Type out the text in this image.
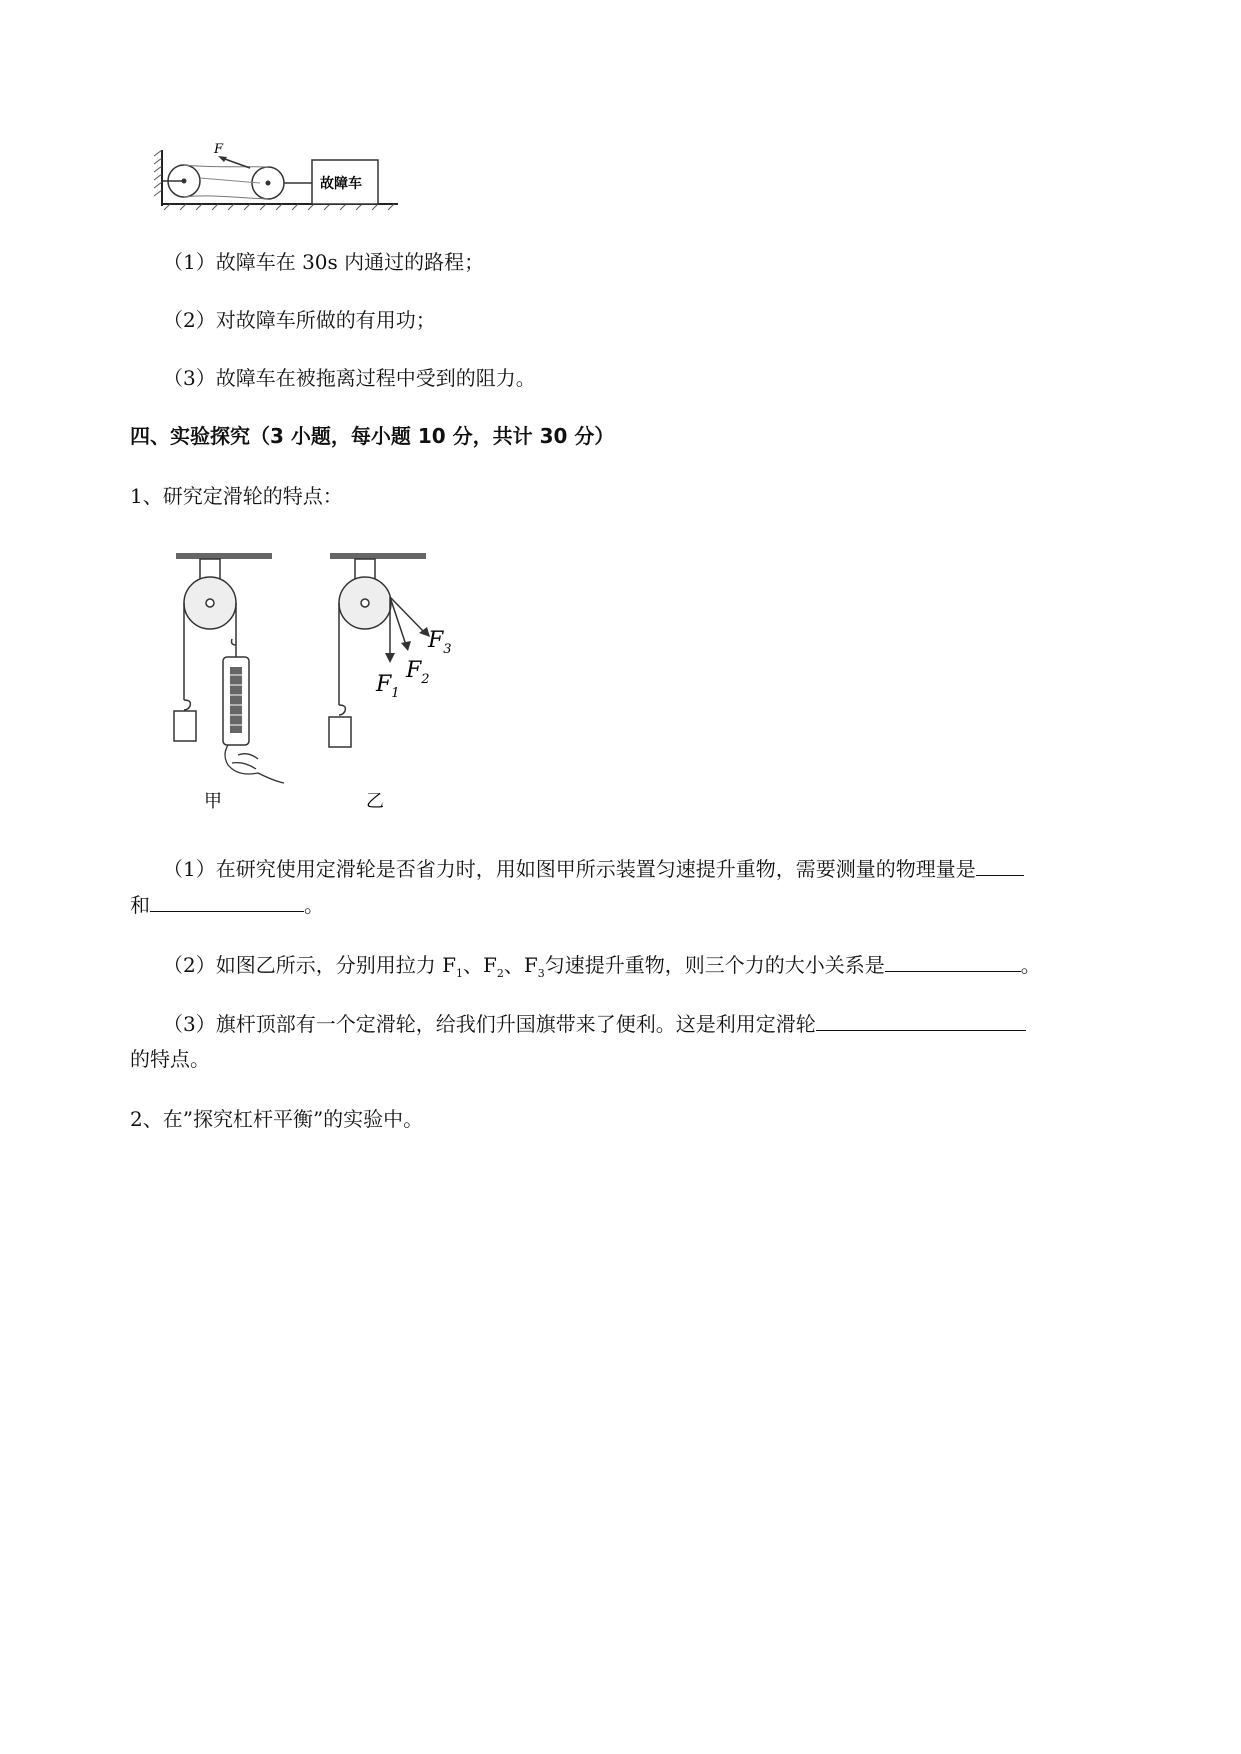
F
故障车
（1）故障车在 30s 内通过的路程；
（2）对故障车所做的有用功；
（3）故障车在被拖离过程中受到的阻力。
四、实验探究（3 小题，每小题 10 分，共计 30 分）
1、研究定滑轮的特点：
$F_1$
$F_2$
$F_3$
甲	乙
（1）在研究使用定滑轮是否省力时，用如图甲所示装置匀速提升重物，需要测量的物理量是
和	。
（2）如图乙所示，分别用拉力 $F_1$、$F_2$、$F_3$匀速提升重物，则三个力的大小关系是	。
（3）旗杆顶部有一个定滑轮，给我们升国旗带来了便利。这是利用定滑轮
的特点。
2、在”探究杠杆平衡”的实验中。
